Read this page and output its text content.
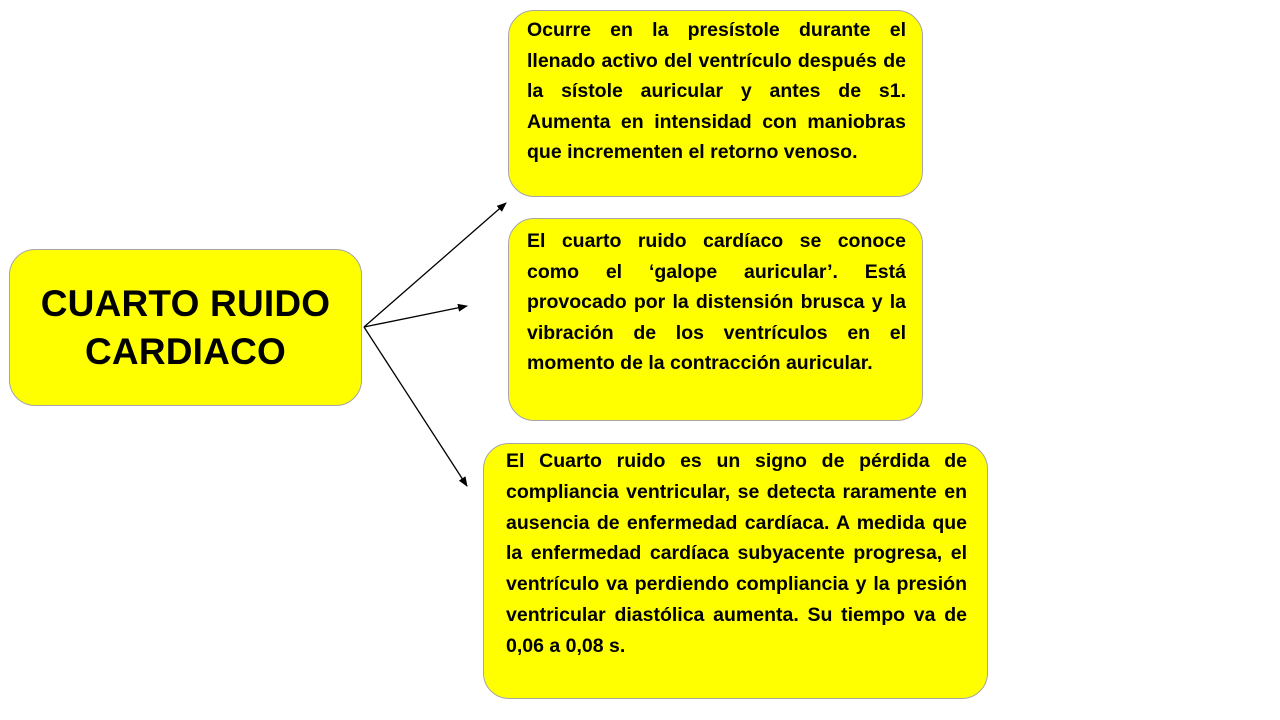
CUARTO RUIDO CARDIACO
Ocurre en la presístole durante el llenado activo del ventrículo después de la sístole auricular y antes de s1. Aumenta en intensidad con maniobras que incrementen el retorno venoso.
El cuarto ruido cardíaco se conoce como el ‘galope auricular’. Está provocado por la distensión brusca y la vibración de los ventrículos en el momento de la contracción auricular.
El Cuarto ruido es un signo de pérdida de compliancia ventricular, se detecta raramente en ausencia de enfermedad cardíaca. A medida que la enfermedad cardíaca subyacente progresa, el ventrículo va perdiendo compliancia y la presión ventricular diastólica aumenta. Su tiempo va de 0,06 a 0,08 s.
